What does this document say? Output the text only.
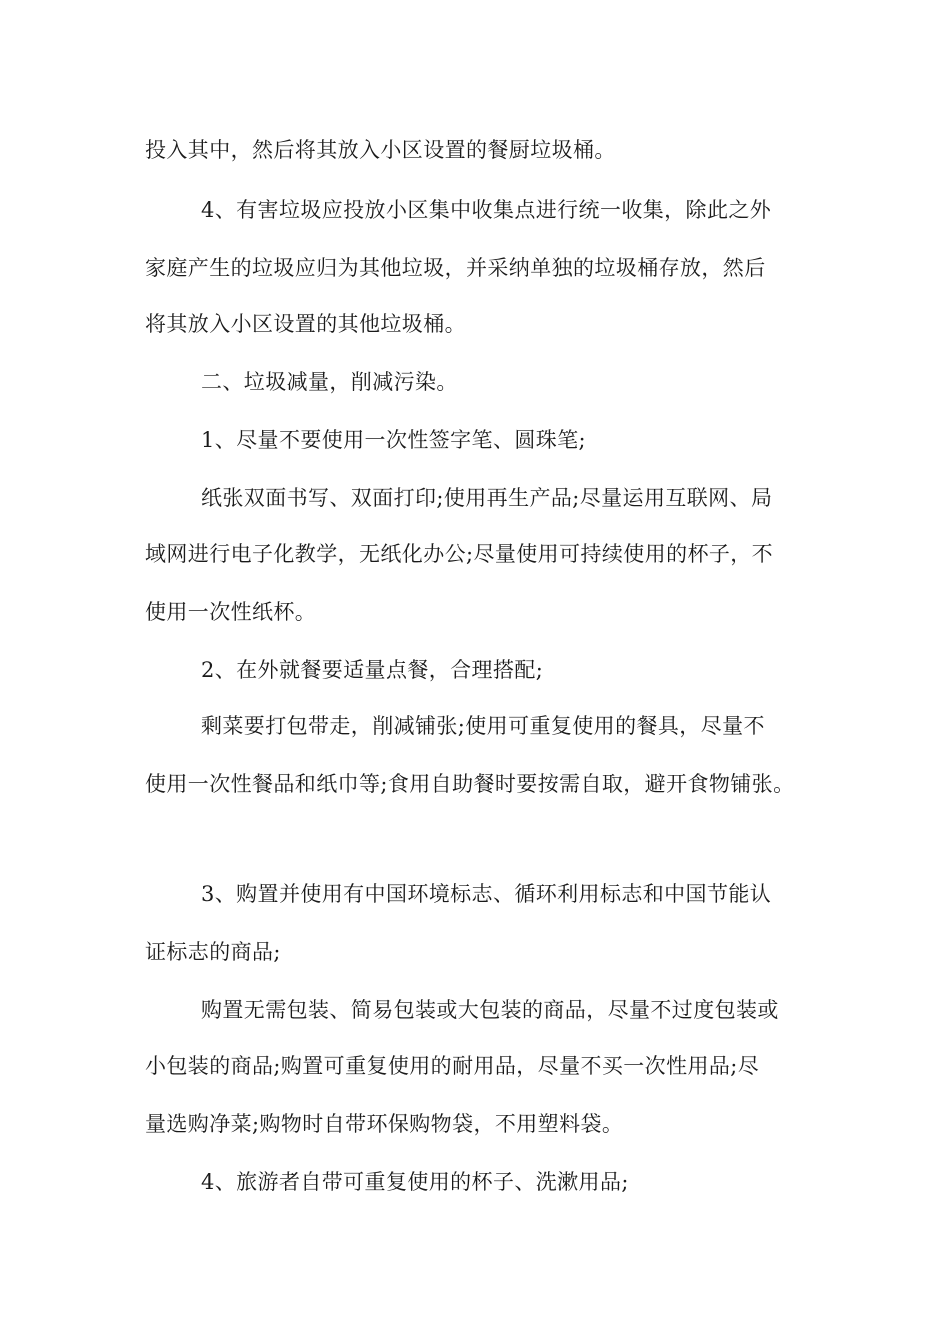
投入其中，然后将其放入小区设置的餐厨垃圾桶。
4、有害垃圾应投放小区集中收集点进行统一收集，除此之外
家庭产生的垃圾应归为其他垃圾，并采纳单独的垃圾桶存放，然后
将其放入小区设置的其他垃圾桶。
二、垃圾减量，削减污染。
1、尽量不要使用一次性签字笔、圆珠笔;
纸张双面书写、双面打印;使用再生产品;尽量运用互联网、局
域网进行电子化教学，无纸化办公;尽量使用可持续使用的杯子，不
使用一次性纸杯。
2、在外就餐要适量点餐，合理搭配;
剩菜要打包带走，削减铺张;使用可重复使用的餐具，尽量不
使用一次性餐品和纸巾等;食用自助餐时要按需自取，避开食物铺张。
3、购置并使用有中国环境标志、循环利用标志和中国节能认
证标志的商品;
购置无需包装、简易包装或大包装的商品，尽量不过度包装或
小包装的商品;购置可重复使用的耐用品，尽量不买一次性用品;尽
量选购净菜;购物时自带环保购物袋，不用塑料袋。
4、旅游者自带可重复使用的杯子、洗漱用品;
